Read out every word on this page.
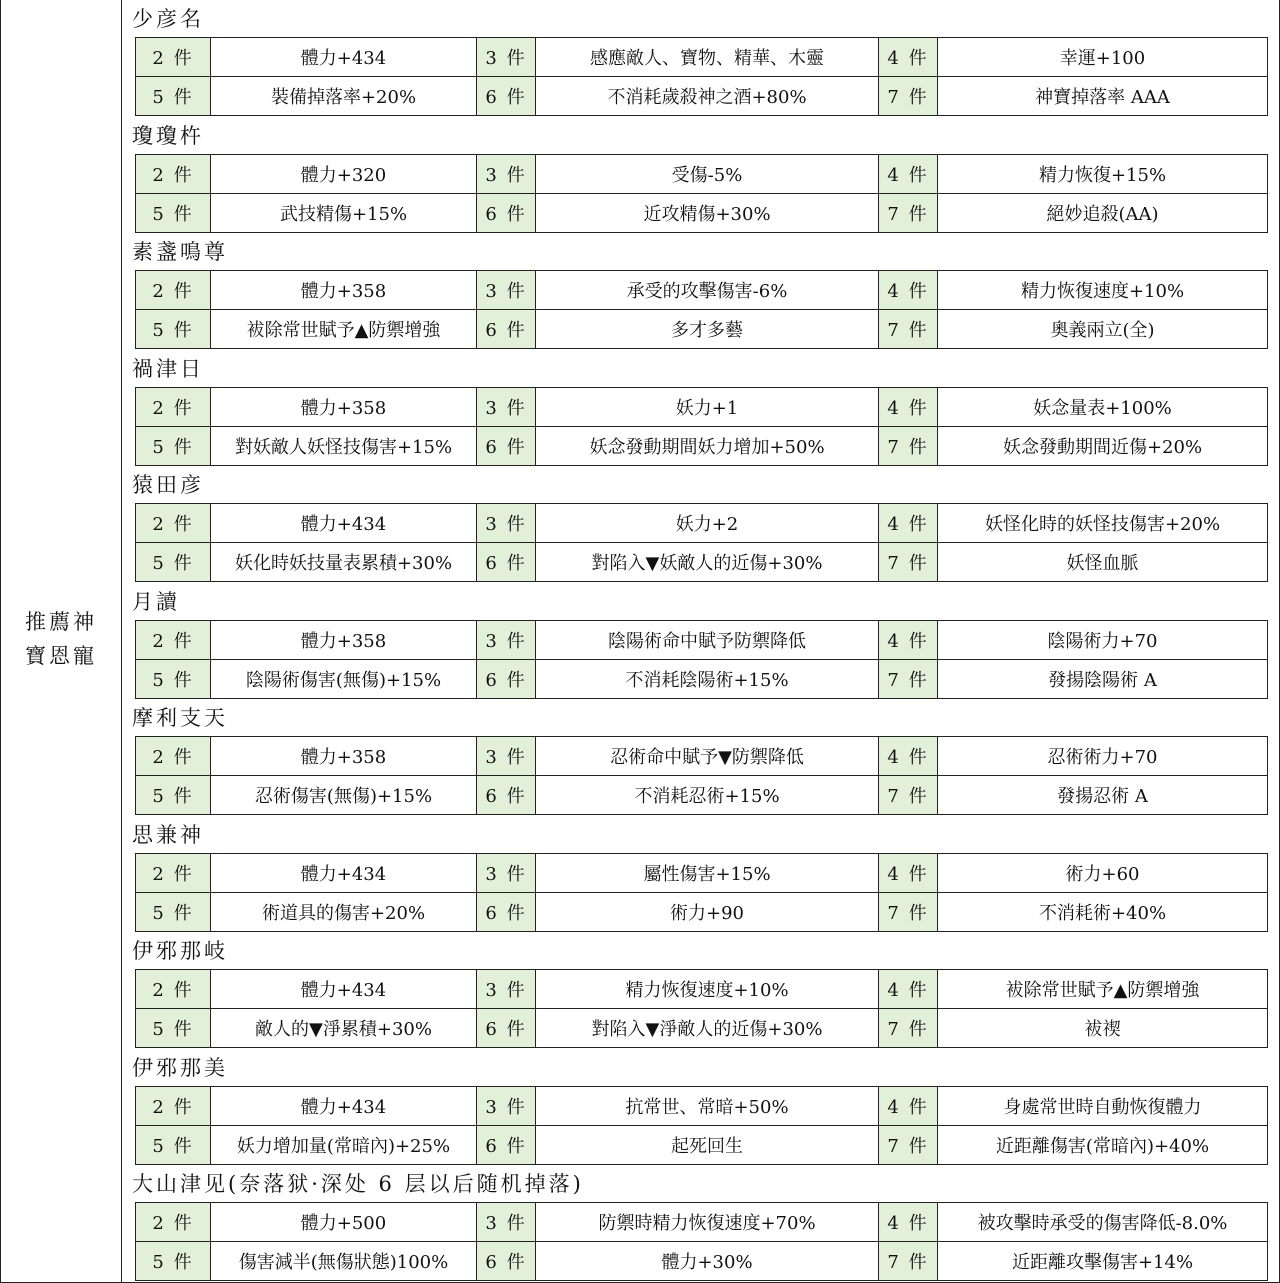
推薦神
寶恩寵
少彦名
2 件	體力+434	3 件	感應敵人、寶物、精華、木靈	4 件	幸運+100
5 件	裝備掉落率+20%	6 件	不消耗歲殺神之酒+80%	7 件	神寶掉落率 AAA
瓊瓊杵
2 件	體力+320	3 件	受傷-5%	4 件	精力恢復+15%
5 件	武技精傷+15%	6 件	近攻精傷+30%	7 件	絕妙追殺(AA)
素盞鳴尊
2 件	體力+358	3 件	承受的攻擊傷害-6%	4 件	精力恢復速度+10%
5 件	袚除常世賦予▲防禦增強	6 件	多才多藝	7 件	奧義兩立(全)
禍津日
2 件	體力+358	3 件	妖力+1	4 件	妖念量表+100%
5 件	對妖敵人妖怪技傷害+15%	6 件	妖念發動期間妖力增加+50%	7 件	妖念發動期間近傷+20%
猿田彦
2 件	體力+434	3 件	妖力+2	4 件	妖怪化時的妖怪技傷害+20%
5 件	妖化時妖技量表累積+30%	6 件	對陷入▼妖敵人的近傷+30%	7 件	妖怪血脈
月讀
2 件	體力+358	3 件	陰陽術命中賦予防禦降低	4 件	陰陽術力+70
5 件	陰陽術傷害(無傷)+15%	6 件	不消耗陰陽術+15%	7 件	發揚陰陽術 A
摩利支天
2 件	體力+358	3 件	忍術命中賦予▼防禦降低	4 件	忍術術力+70
5 件	忍術傷害(無傷)+15%	6 件	不消耗忍術+15%	7 件	發揚忍術 A
思兼神
2 件	體力+434	3 件	屬性傷害+15%	4 件	術力+60
5 件	術道具的傷害+20%	6 件	術力+90	7 件	不消耗術+40%
伊邪那岐
2 件	體力+434	3 件	精力恢復速度+10%	4 件	袚除常世賦予▲防禦增強
5 件	敵人的▼淨累積+30%	6 件	對陷入▼淨敵人的近傷+30%	7 件	袚禊
伊邪那美
2 件	體力+434	3 件	抗常世、常暗+50%	4 件	身處常世時自動恢復體力
5 件	妖力增加量(常暗內)+25%	6 件	起死回生	7 件	近距離傷害(常暗內)+40%
大山津见(奈落狱·深处 6 层以后随机掉落)
2 件	體力+500	3 件	防禦時精力恢復速度+70%	4 件	被攻擊時承受的傷害降低-8.0%
5 件	傷害減半(無傷狀態)100%	6 件	體力+30%	7 件	近距離攻擊傷害+14%
